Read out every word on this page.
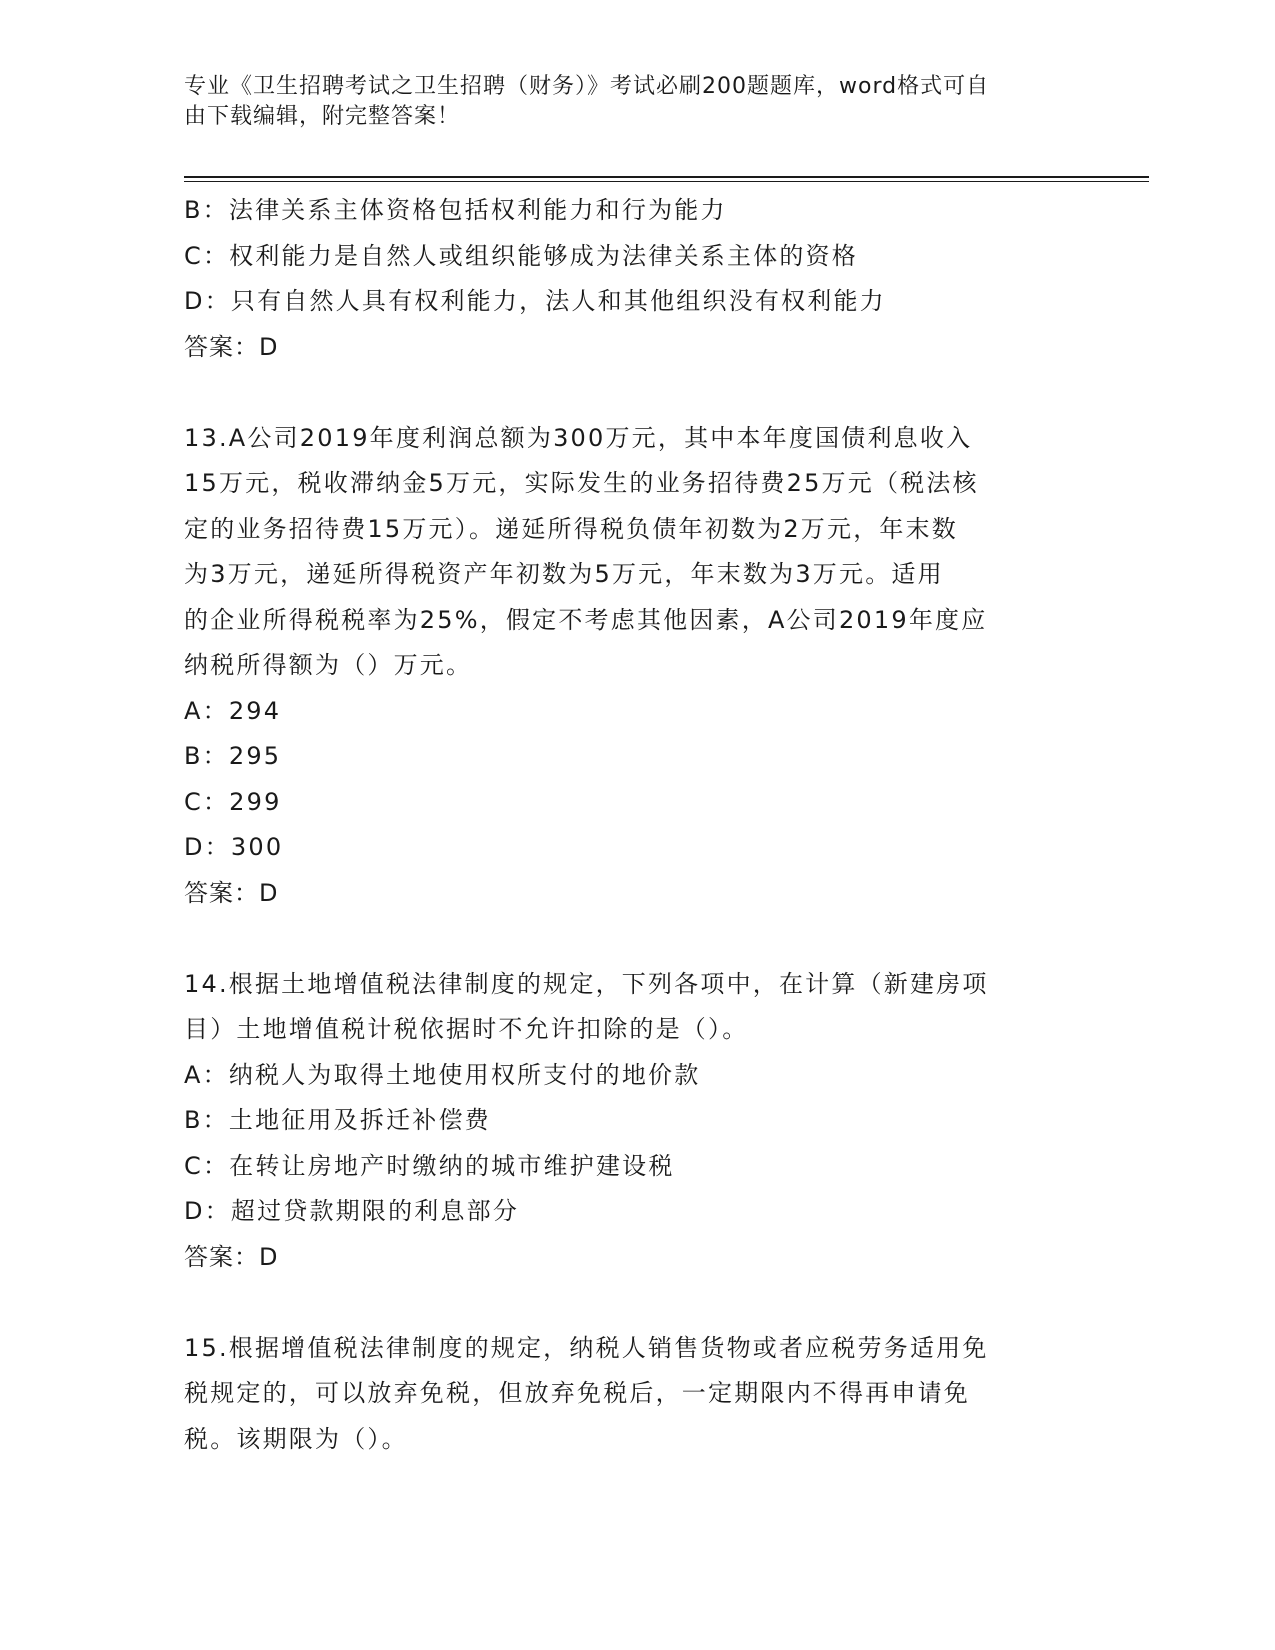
专业《卫生招聘考试之卫生招聘（财务）》考试必刷200题题库，word格式可自
由下载编辑，附完整答案！
B：法律关系主体资格包括权利能力和行为能力
C：权利能力是自然人或组织能够成为法律关系主体的资格
D：只有自然人具有权利能力，法人和其他组织没有权利能力
答案：D
13.A公司2019年度利润总额为300万元，其中本年度国债利息收入
15万元，税收滞纳金5万元，实际发生的业务招待费25万元（税法核
定的业务招待费15万元）。递延所得税负债年初数为2万元，年末数
为3万元，递延所得税资产年初数为5万元，年末数为3万元。适用
的企业所得税税率为25%，假定不考虑其他因素，A公司2019年度应
纳税所得额为（）万元。
A：294
B：295
C：299
D：300
答案：D
14.根据土地增值税法律制度的规定，下列各项中，在计算（新建房项
目）土地增值税计税依据时不允许扣除的是（）。
A：纳税人为取得土地使用权所支付的地价款
B：土地征用及拆迁补偿费
C：在转让房地产时缴纳的城市维护建设税
D：超过贷款期限的利息部分
答案：D
15.根据增值税法律制度的规定，纳税人销售货物或者应税劳务适用免
税规定的，可以放弃免税，但放弃免税后，一定期限内不得再申请免
税。该期限为（）。
